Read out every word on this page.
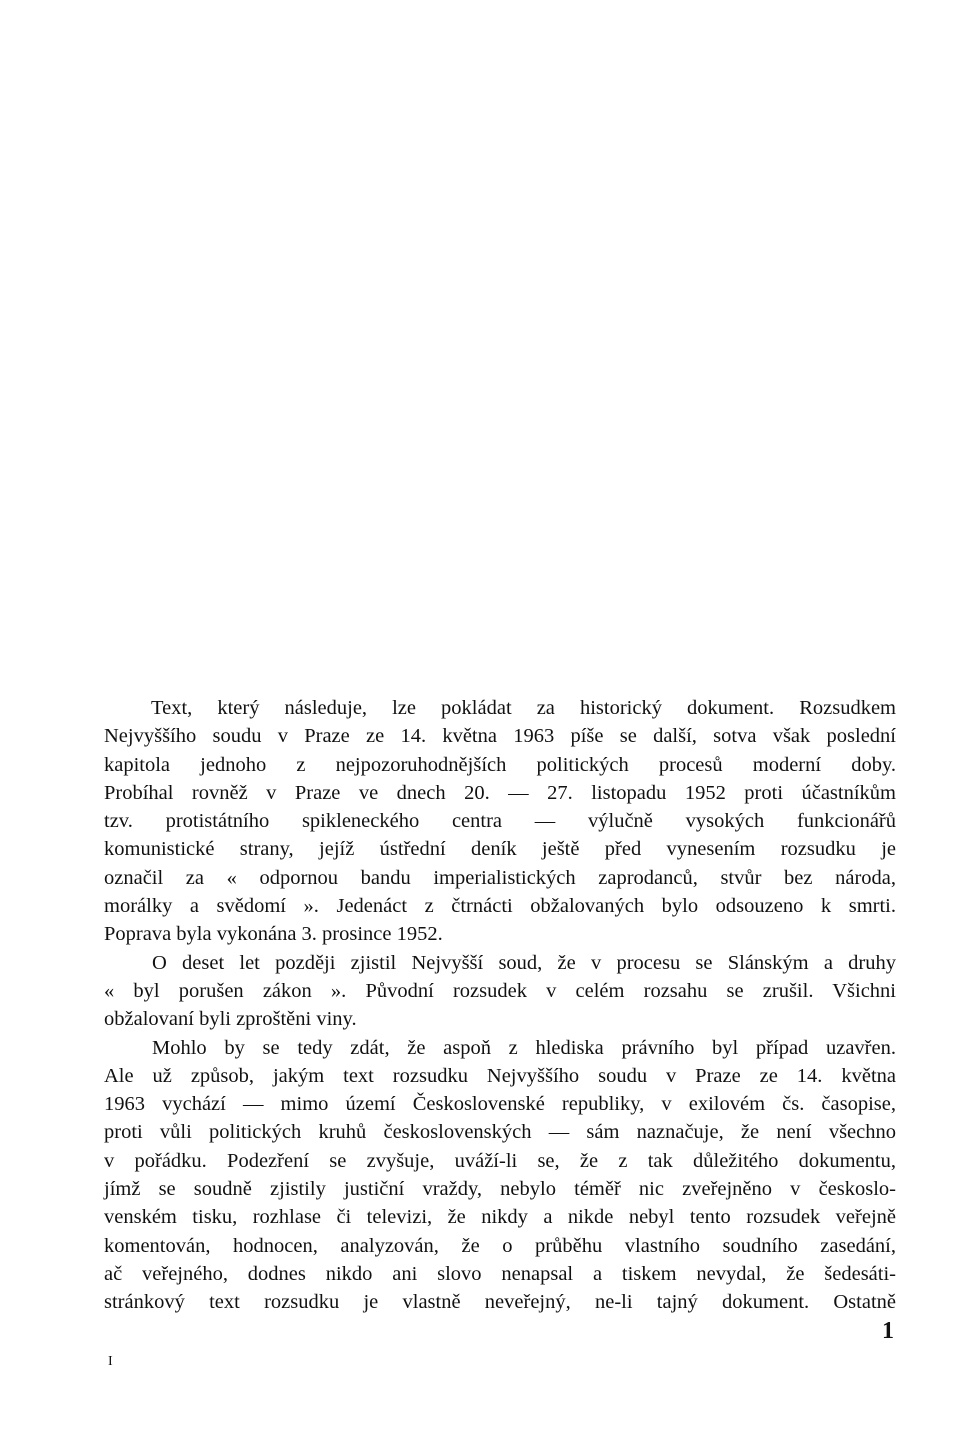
Text, který následuje, lze pokládat za historický dokument. Rozsudkem
Nejvyššího soudu v Praze ze 14. května 1963 píše se další, sotva však poslední
kapitola jednoho z nejpozoruhodnějších politických procesů moderní doby.
Probíhal rovněž v Praze ve dnech 20. — 27. listopadu 1952 proti účastníkům
tzv. protistátního spikleneckého centra — výlučně vysokých funkcionářů
komunistické strany, jejíž ústřední deník ještě před vynesením rozsudku je
označil za « odpornou bandu imperialistických zaprodanců, stvůr bez národa,
morálky a svědomí ». Jedenáct z čtrnácti obžalovaných bylo odsouzeno k smrti.
Poprava byla vykonána 3. prosince 1952.
O deset let později zjistil Nejvyšší soud, že v procesu se Slánským a druhy
« byl porušen zákon ». Původní rozsudek v celém rozsahu se zrušil. Všichni
obžalovaní byli zproštěni viny.
Mohlo by se tedy zdát, že aspoň z hlediska právního byl případ uzavřen.
Ale už způsob, jakým text rozsudku Nejvyššího soudu v Praze ze 14. května
1963 vychází — mimo území Československé republiky, v exilovém čs. časopise,
proti vůli politických kruhů československých — sám naznačuje, že není všechno
v pořádku. Podezření se zvyšuje, uváží-li se, že z tak důležitého dokumentu,
jímž se soudně zjistily justiční vraždy, nebylo téměř nic zveřejněno v českoslo-
venském tisku, rozhlase či televizi, že nikdy a nikde nebyl tento rozsudek veřejně
komentován, hodnocen, analyzován, že o průběhu vlastního soudního zasedání,
ač veřejného, dodnes nikdo ani slovo nenapsal a tiskem nevydal, že šedesáti-
stránkový text rozsudku je vlastně neveřejný, ne-li tajný dokument. Ostatně
1
I
